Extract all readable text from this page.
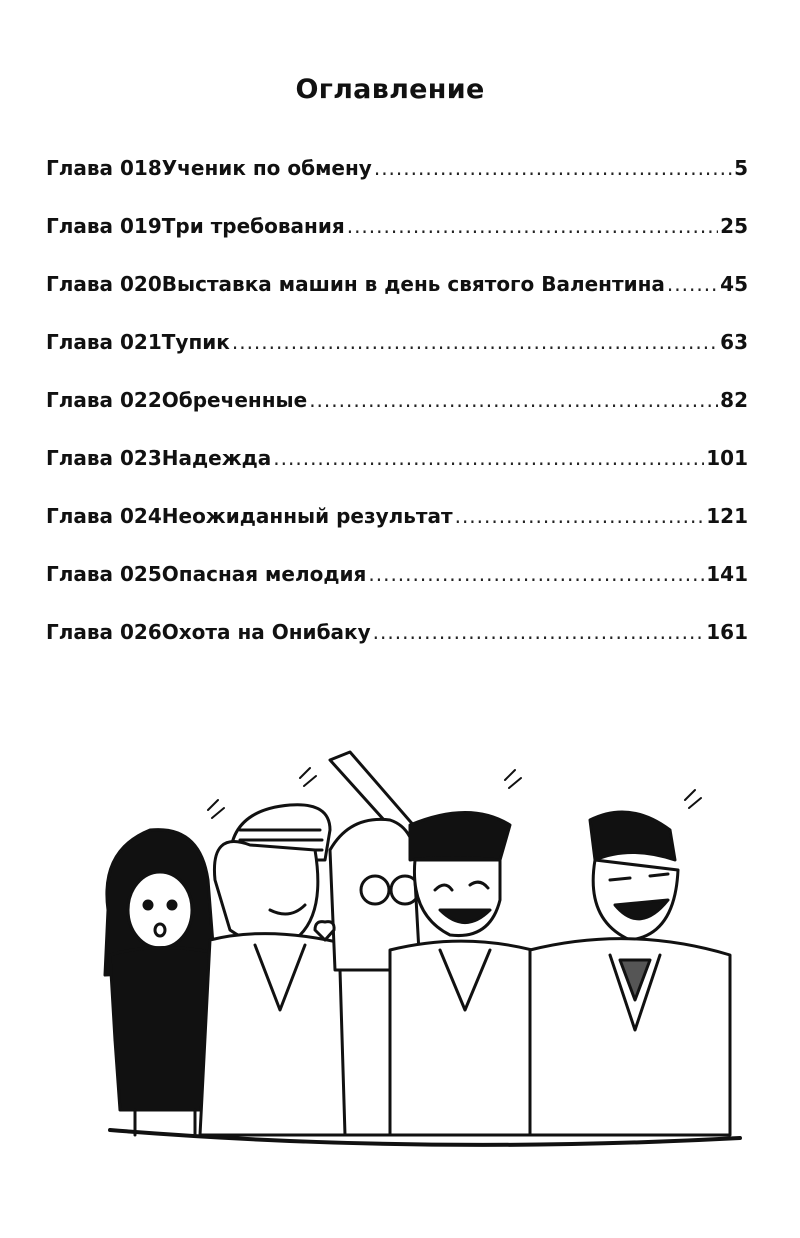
Оглавление
Глава 018 Ученик по обмену .....	5
Глава 019 Три требования .....	25
Глава 020 Выставка машин в день святого Валентина .....	45
Глава 021 Тупик .....	63
Глава 022 Обреченные .....	82
Глава 023 Надежда .....	101
Глава 024 Неожиданный результат .....	121
Глава 025 Опасная мелодия .....	141
Глава 026 Охота на Онибаку .....	161
